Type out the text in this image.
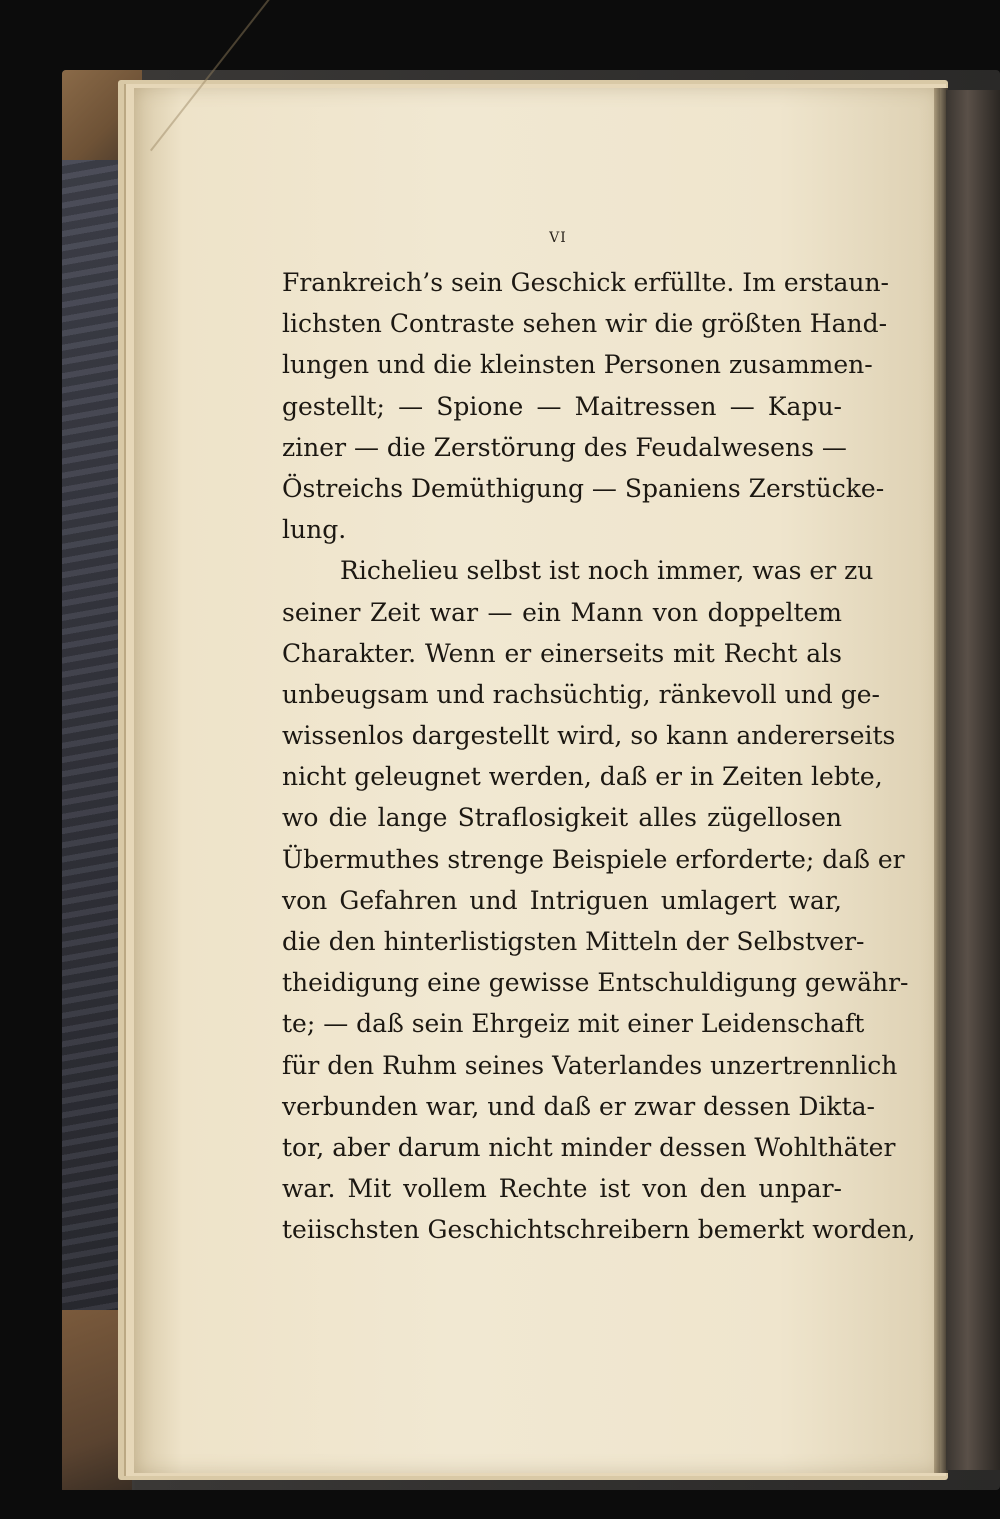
VI
Frankreich’s sein Geschick erfüllte. Im erstaun-
lichsten Contraste sehen wir die größten Hand-
lungen und die kleinsten Personen zusammen-
gestellt; — Spione — Maitressen — Kapu-
ziner — die Zerstörung des Feudalwesens —
Östreichs Demüthigung — Spaniens Zerstücke-
lung.
Richelieu selbst ist noch immer, was er zu
seiner Zeit war — ein Mann von doppeltem
Charakter. Wenn er einerseits mit Recht als
unbeugsam und rachsüchtig, ränkevoll und ge-
wissenlos dargestellt wird, so kann andererseits
nicht geleugnet werden, daß er in Zeiten lebte,
wo die lange Straflosigkeit alles zügellosen
Übermuthes strenge Beispiele erforderte; daß er
von Gefahren und Intriguen umlagert war,
die den hinterlistigsten Mitteln der Selbstver-
theidigung eine gewisse Entschuldigung gewähr-
te; — daß sein Ehrgeiz mit einer Leidenschaft
für den Ruhm seines Vaterlandes unzertrennlich
verbunden war, und daß er zwar dessen Dikta-
tor, aber darum nicht minder dessen Wohlthäter
war. Mit vollem Rechte ist von den unpar-
teiischsten Geschichtschreibern bemerkt worden,
